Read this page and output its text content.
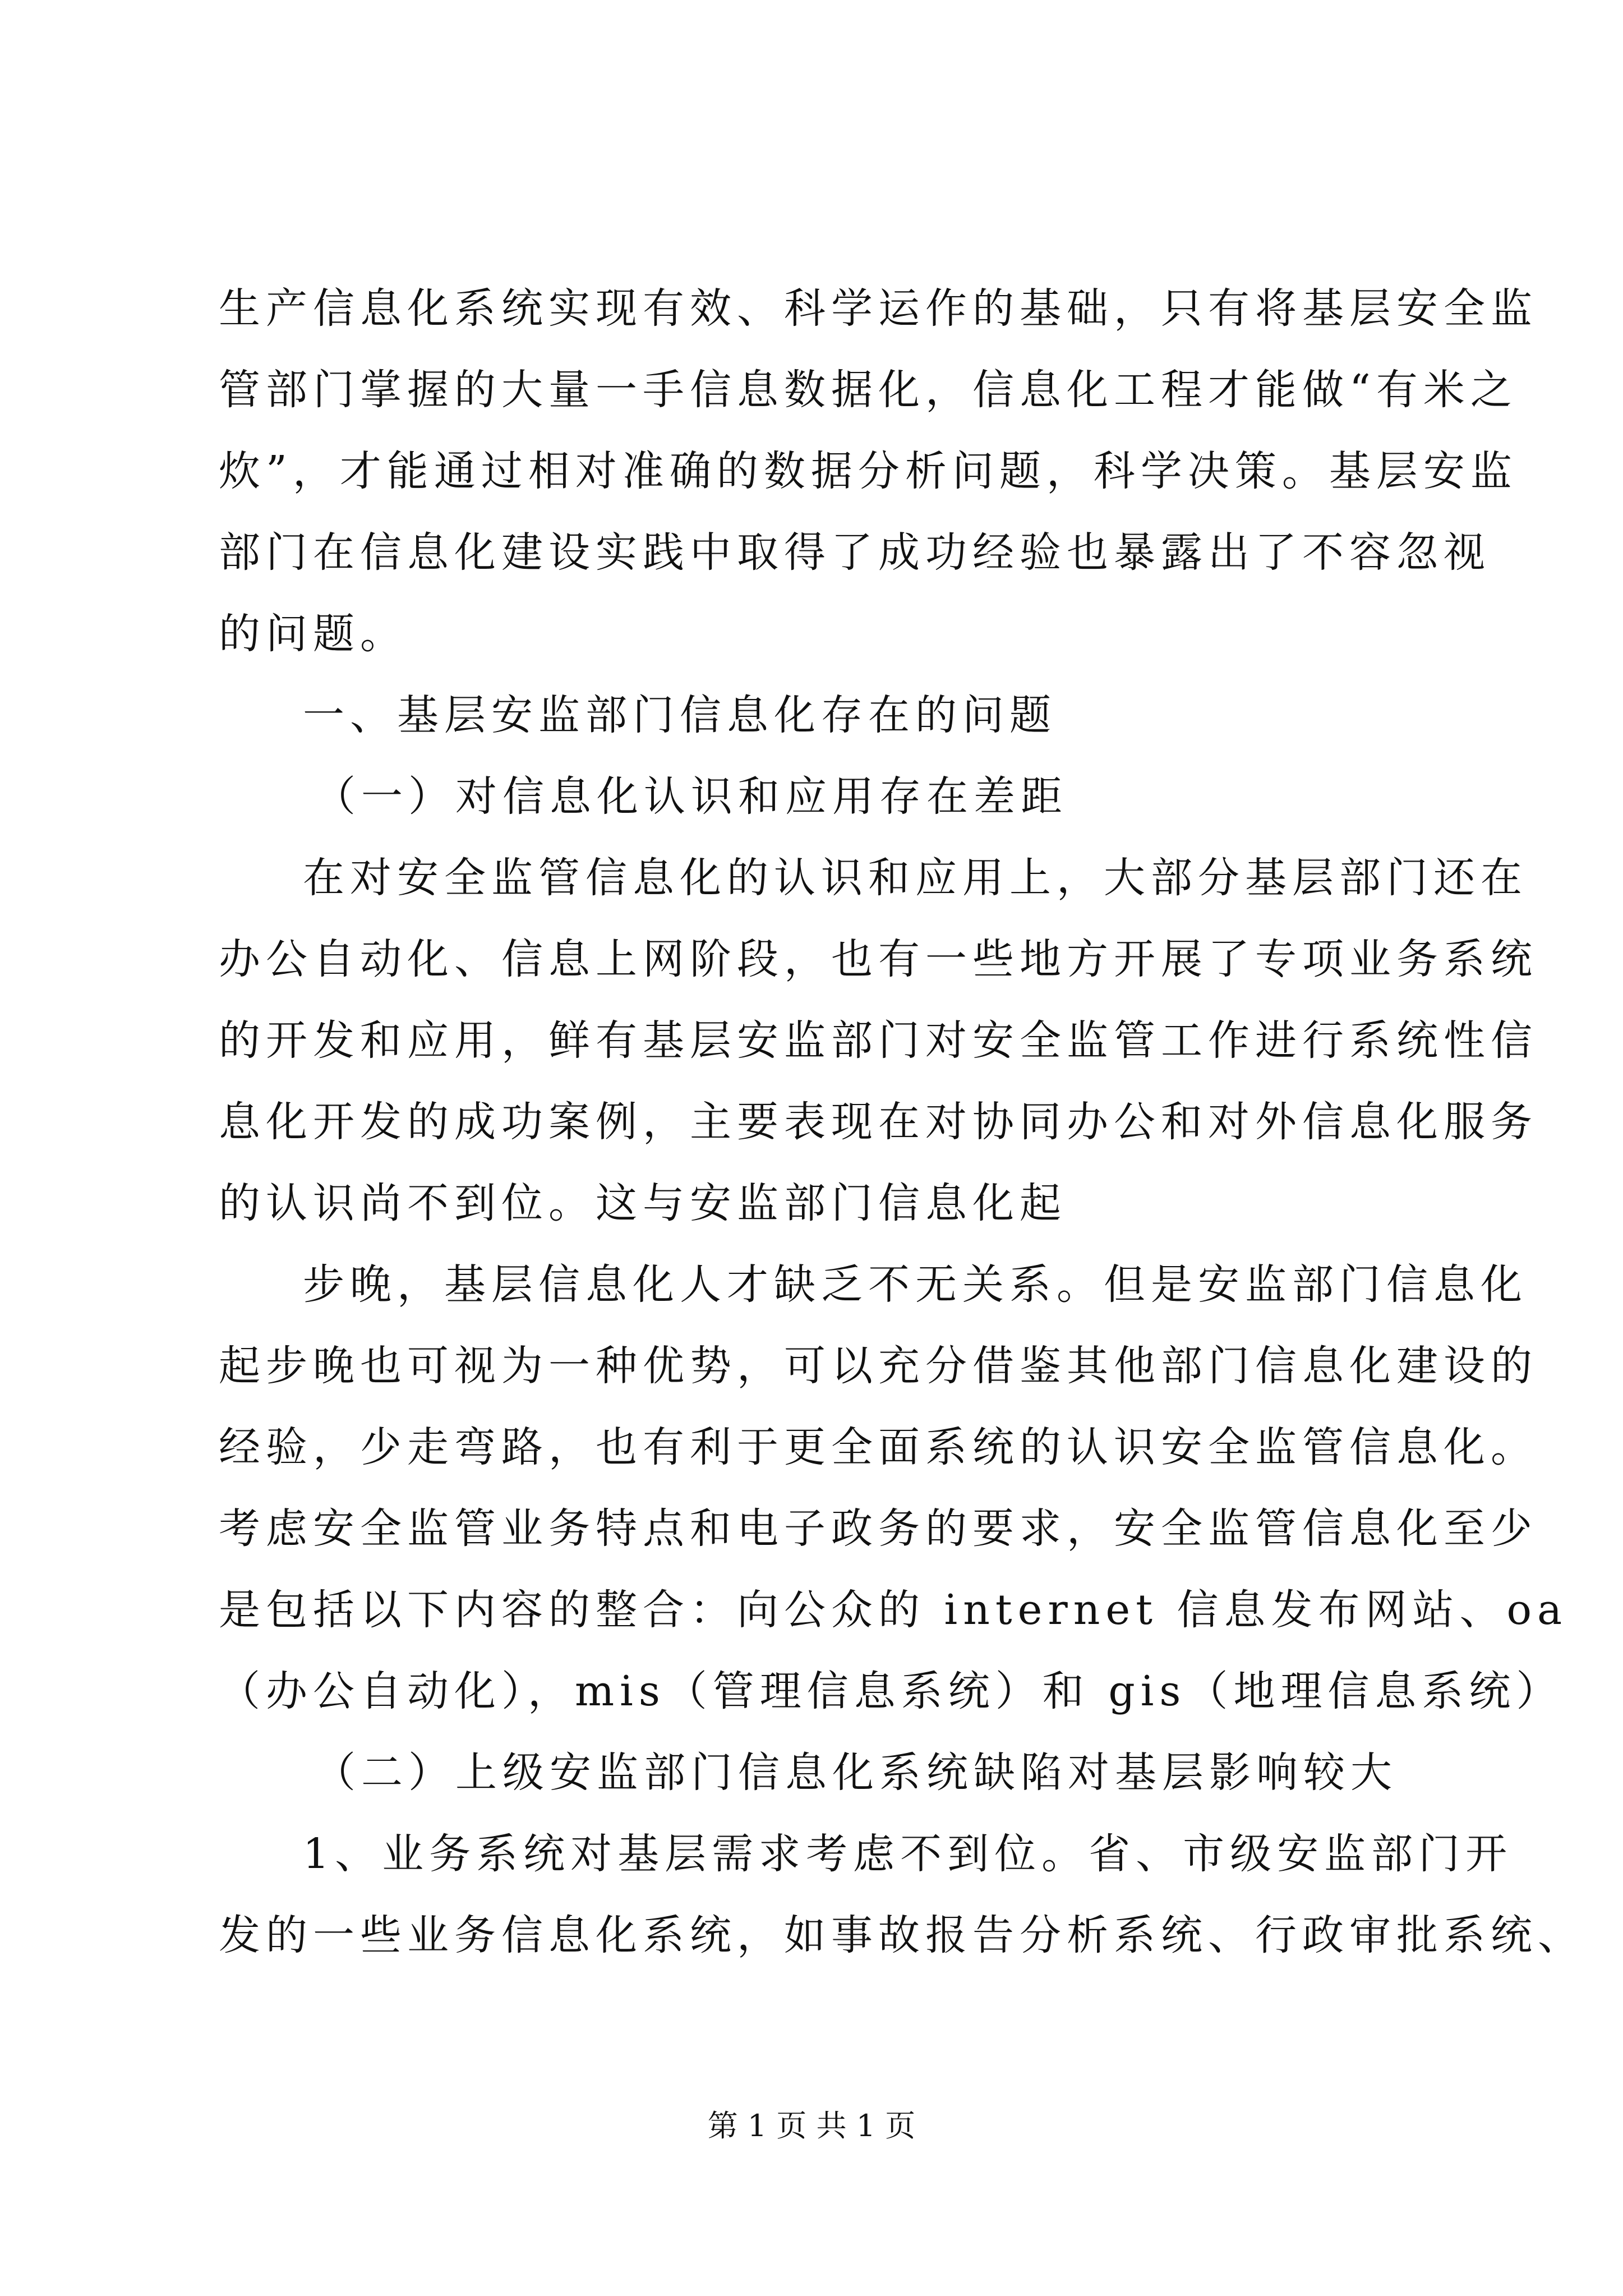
生产信息化系统实现有效、科学运作的基础，只有将基层安全监
管部门掌握的大量一手信息数据化，信息化工程才能做“有米之
炊”，才能通过相对准确的数据分析问题，科学决策。基层安监
部门在信息化建设实践中取得了成功经验也暴露出了不容忽视
的问题。
一、基层安监部门信息化存在的问题
（一）对信息化认识和应用存在差距
在对安全监管信息化的认识和应用上，大部分基层部门还在
办公自动化、信息上网阶段，也有一些地方开展了专项业务系统
的开发和应用，鲜有基层安监部门对安全监管工作进行系统性信
息化开发的成功案例，主要表现在对协同办公和对外信息化服务
的认识尚不到位。这与安监部门信息化起
步晚，基层信息化人才缺乏不无关系。但是安监部门信息化
起步晚也可视为一种优势，可以充分借鉴其他部门信息化建设的
经验，少走弯路，也有利于更全面系统的认识安全监管信息化。
考虑安全监管业务特点和电子政务的要求，安全监管信息化至少
是包括以下内容的整合：向公众的 internet 信息发布网站、oa
（办公自动化），mis（管理信息系统）和 gis（地理信息系统）
（二）上级安监部门信息化系统缺陷对基层影响较大
1、业务系统对基层需求考虑不到位。省、市级安监部门开
发的一些业务信息化系统，如事故报告分析系统、行政审批系统、
第 1 页 共 1 页
